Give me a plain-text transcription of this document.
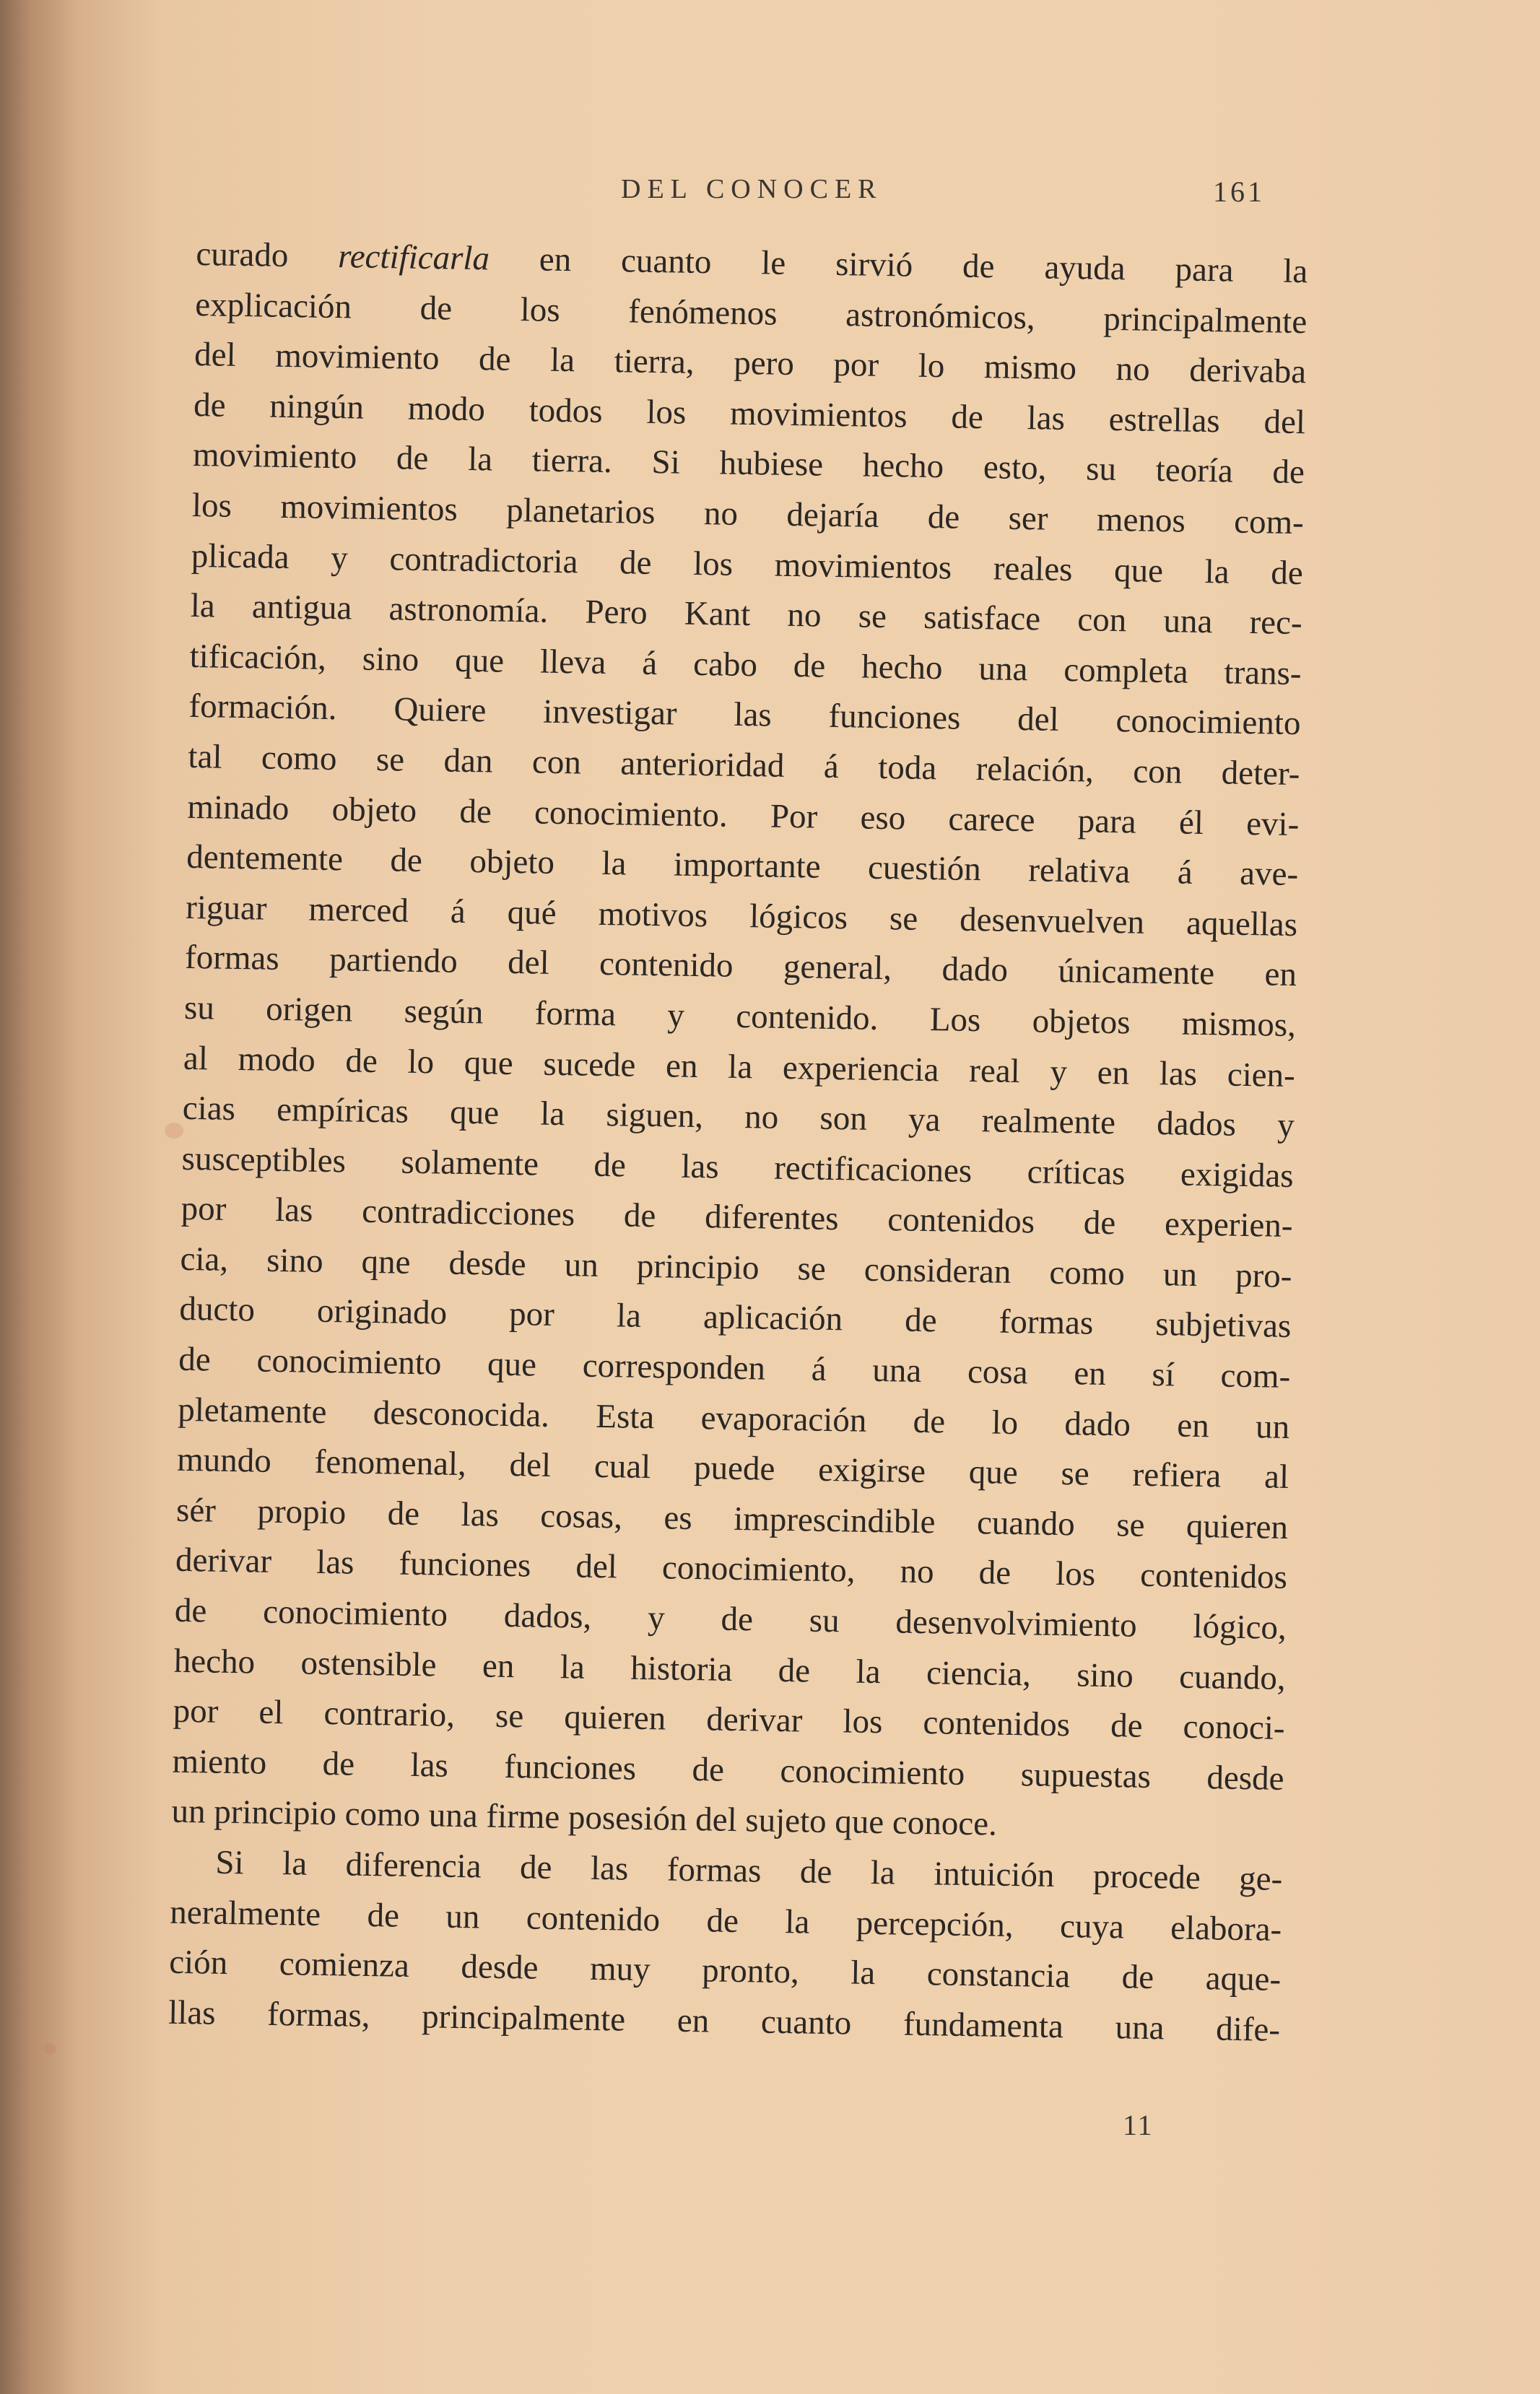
DEL CONOCER	161
curado rectificarla en cuanto le sirvió de ayuda para la
explicación de los fenómenos astronómicos, principalmente
del movimiento de la tierra, pero por lo mismo no derivaba
de ningún modo todos los movimientos de las estrellas del
movimiento de la tierra. Si hubiese hecho esto, su teoría de
los movimientos planetarios no dejaría de ser menos com-
plicada y contradictoria de los movimientos reales que la de
la antigua astronomía. Pero Kant no se satisface con una rec-
tificación, sino que lleva á cabo de hecho una completa trans-
formación. Quiere investigar las funciones del conocimiento
tal como se dan con anterioridad á toda relación, con deter-
minado objeto de conocimiento. Por eso carece para él evi-
dentemente de objeto la importante cuestión relativa á ave-
riguar merced á qué motivos lógicos se desenvuelven aquellas
formas partiendo del contenido general, dado únicamente en
su origen según forma y contenido. Los objetos mismos,
al modo de lo que sucede en la experiencia real y en las cien-
cias empíricas que la siguen, no son ya realmente dados y
susceptibles solamente de las rectificaciones críticas exigidas
por las contradicciones de diferentes contenidos de experien-
cia, sino qne desde un principio se consideran como un pro-
ducto originado por la aplicación de formas subjetivas
de conocimiento que corresponden á una cosa en sí com-
pletamente desconocida. Esta evaporación de lo dado en un
mundo fenomenal, del cual puede exigirse que se refiera al
sér propio de las cosas, es imprescindible cuando se quieren
derivar las funciones del conocimiento, no de los contenidos
de conocimiento dados, y de su desenvolvimiento lógico,
hecho ostensible en la historia de la ciencia, sino cuando,
por el contrario, se quieren derivar los contenidos de conoci-
miento de las funciones de conocimiento supuestas desde
un principio como una firme posesión del sujeto que conoce.
Si la diferencia de las formas de la intuición procede ge-
neralmente de un contenido de la percepción, cuya elabora-
ción comienza desde muy pronto, la constancia de aque-
llas formas, principalmente en cuanto fundamenta una dife-
11
